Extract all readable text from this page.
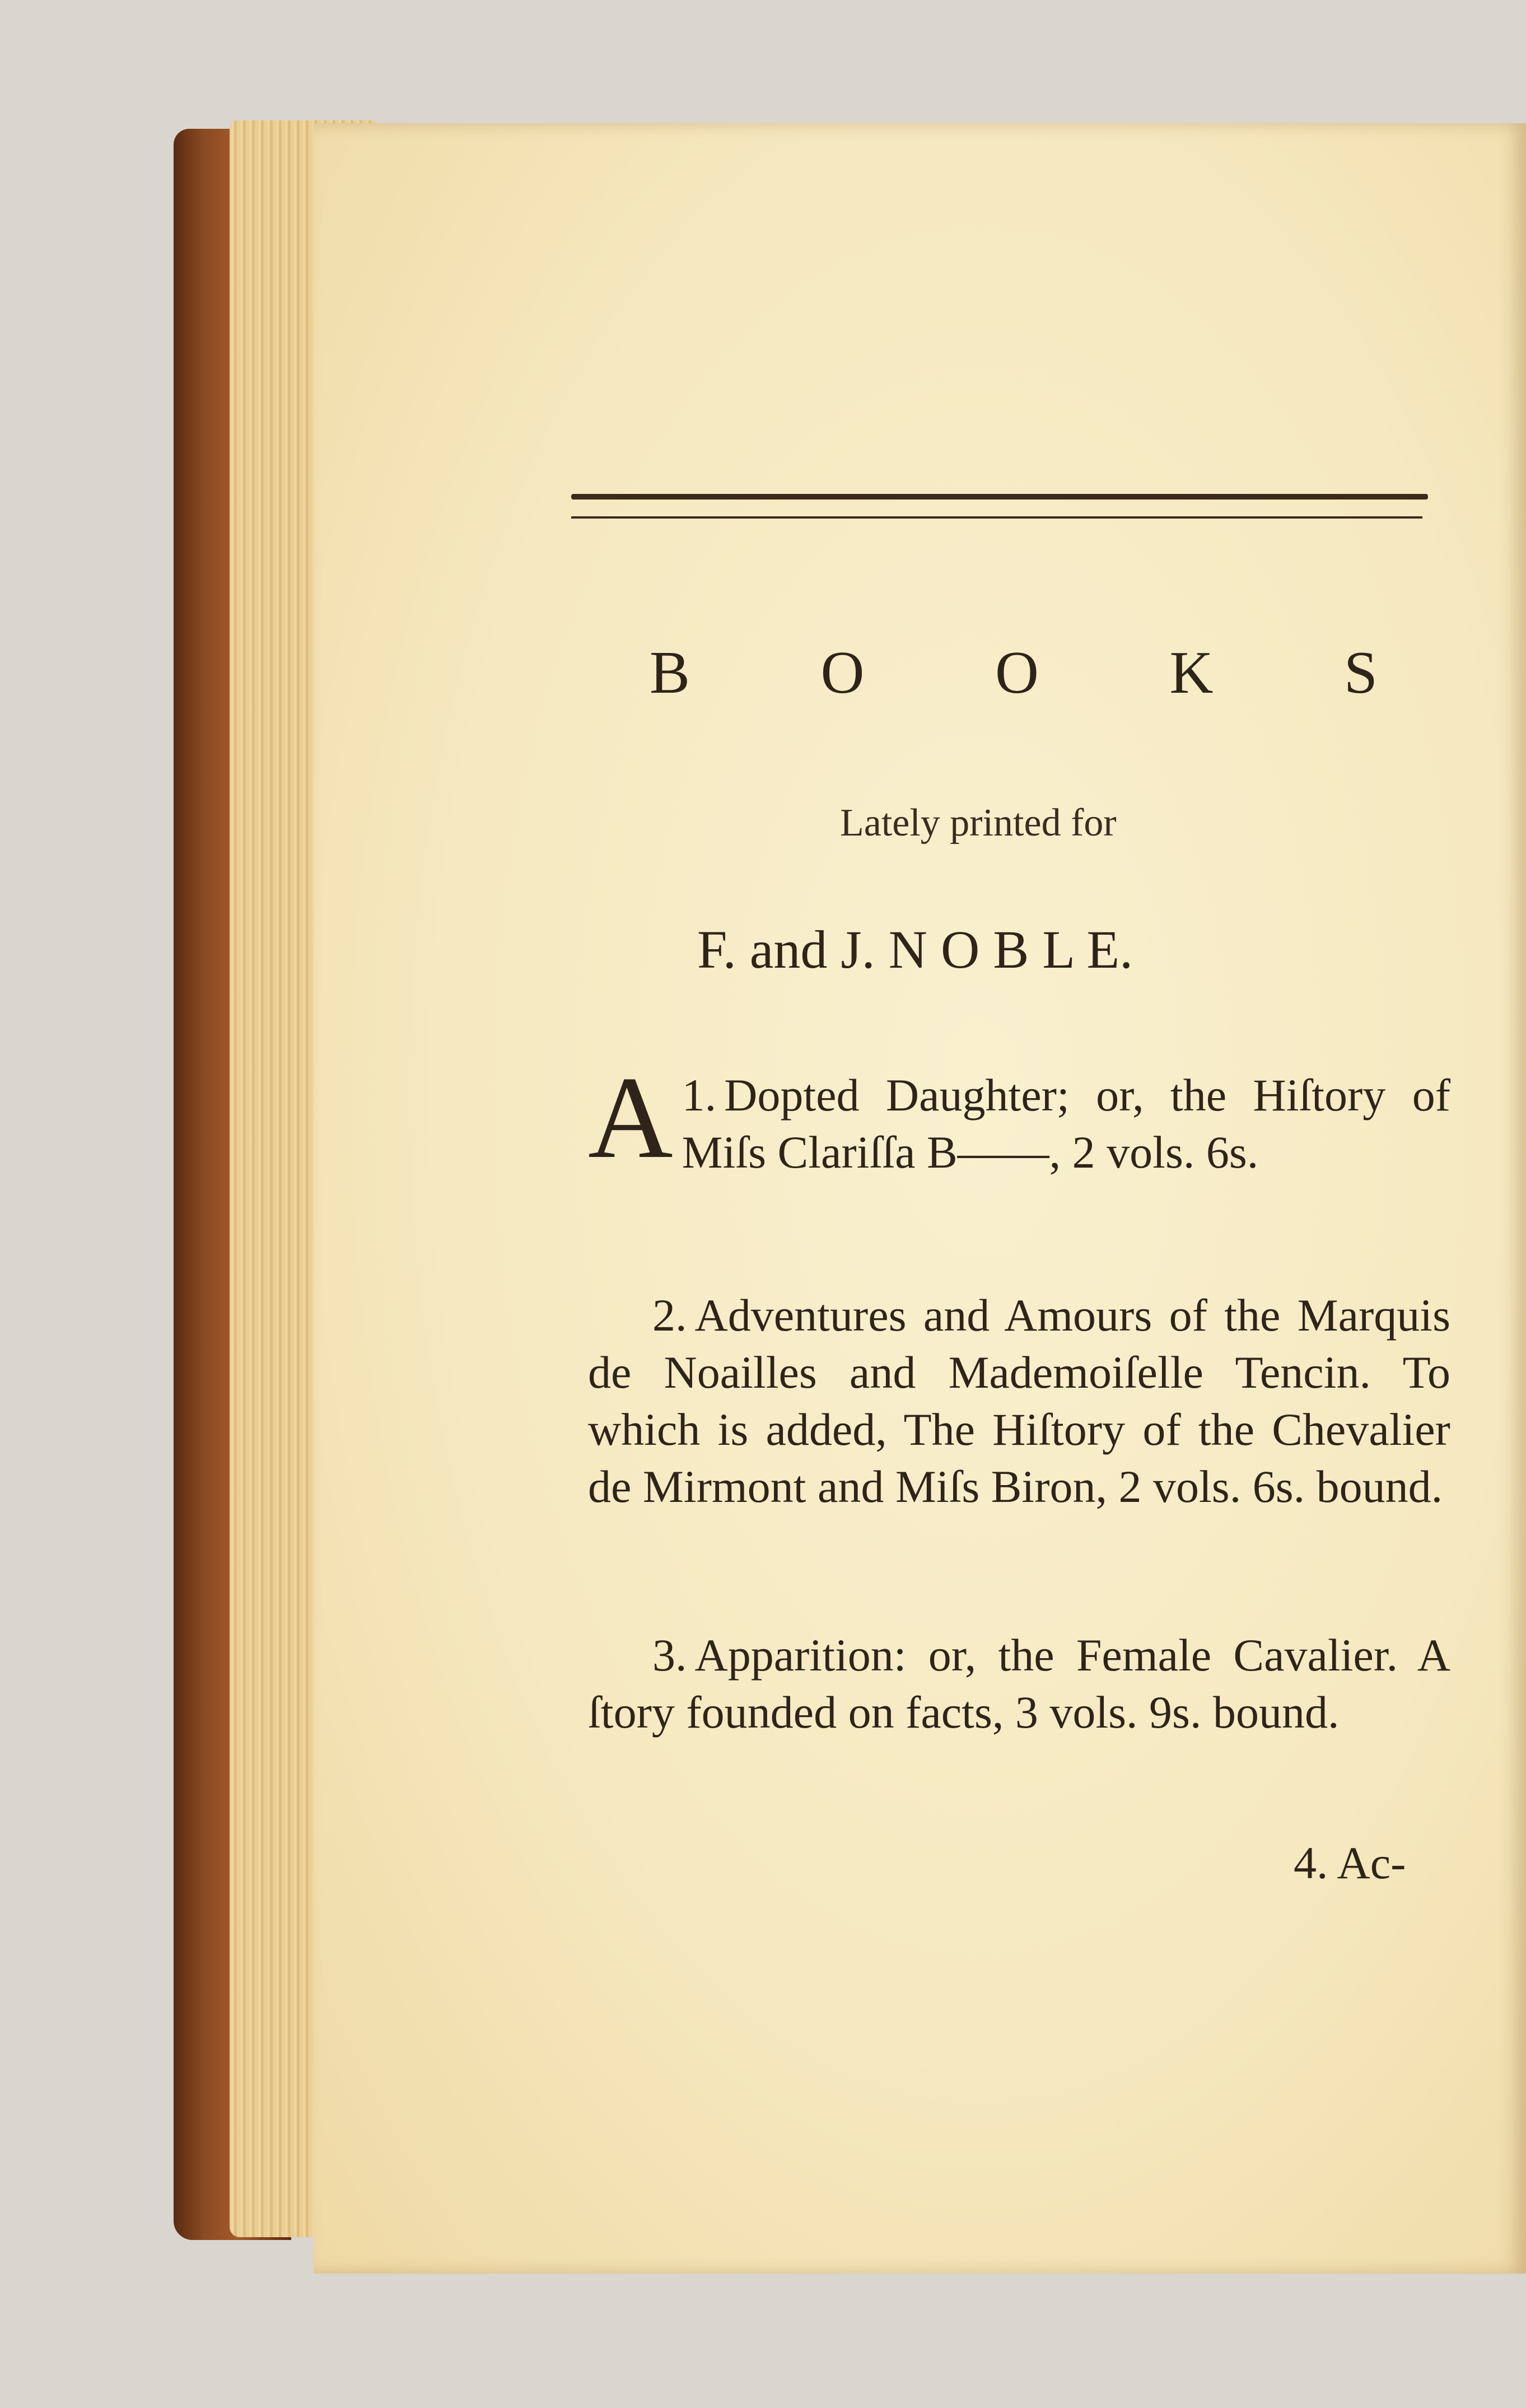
B O O K S
Lately printed for
F. and J. N O B L E.

1.
A Dopted Daughter; or, the Hiſtory of Miſs Clariſſa B——, 2 vols. 6s.

2. Adventures and Amours of the Marquis de Noailles and Mademoiſelle Tencin. To which is added, The Hiſtory of the Chevalier de Mirmont and Miſs Biron, 2 vols. 6s. bound.

3. Apparition: or, the Female Cavalier. A ſtory founded on facts, 3 vols. 9s. bound.

4. Ac-
